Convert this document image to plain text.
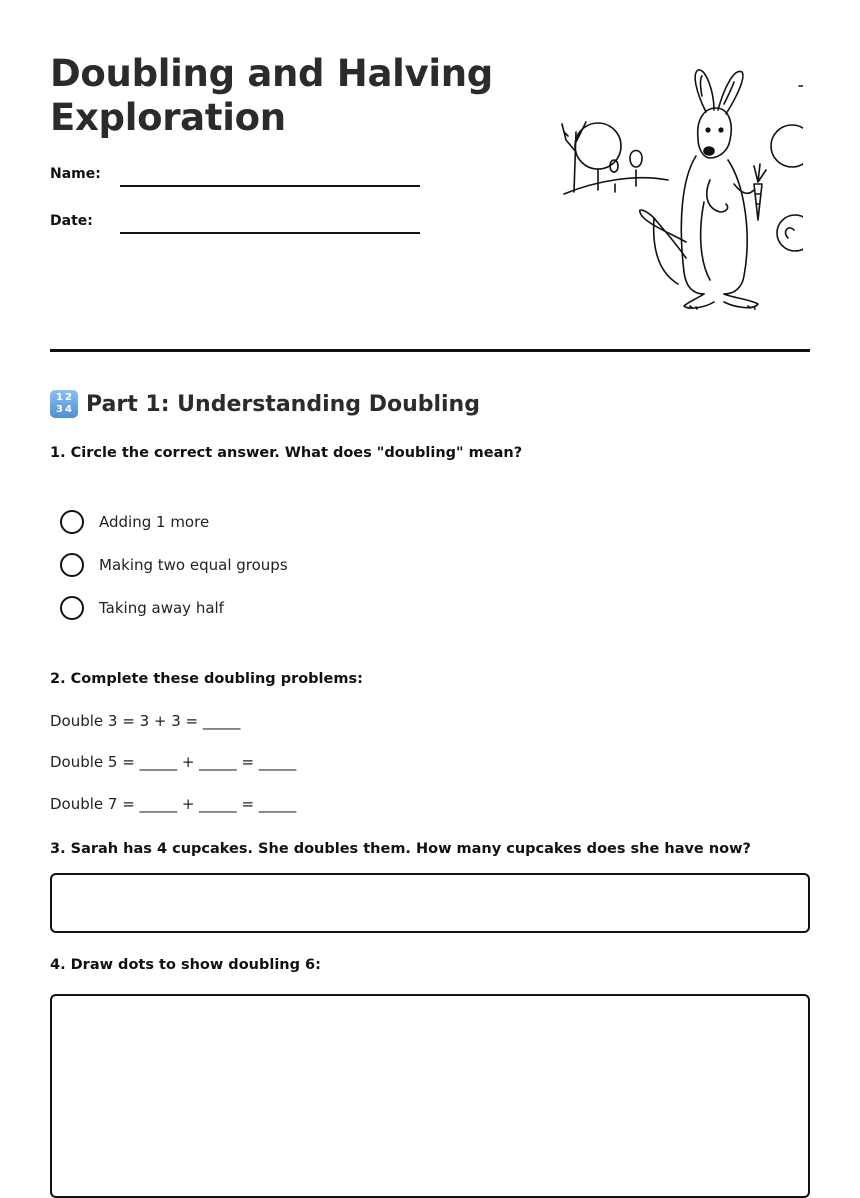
Doubling and Halving
Exploration
Name:
Date:
1 2
3 4 Part 1: Understanding Doubling
1. Circle the correct answer. What does "doubling" mean?
Adding 1 more
Making two equal groups
Taking away half
2. Complete these doubling problems:
Double 3 = 3 + 3 = _____
Double 5 = _____ + _____ = _____
Double 7 = _____ + _____ = _____
3. Sarah has 4 cupcakes. She doubles them. How many cupcakes does she have now?
4. Draw dots to show doubling 6:
